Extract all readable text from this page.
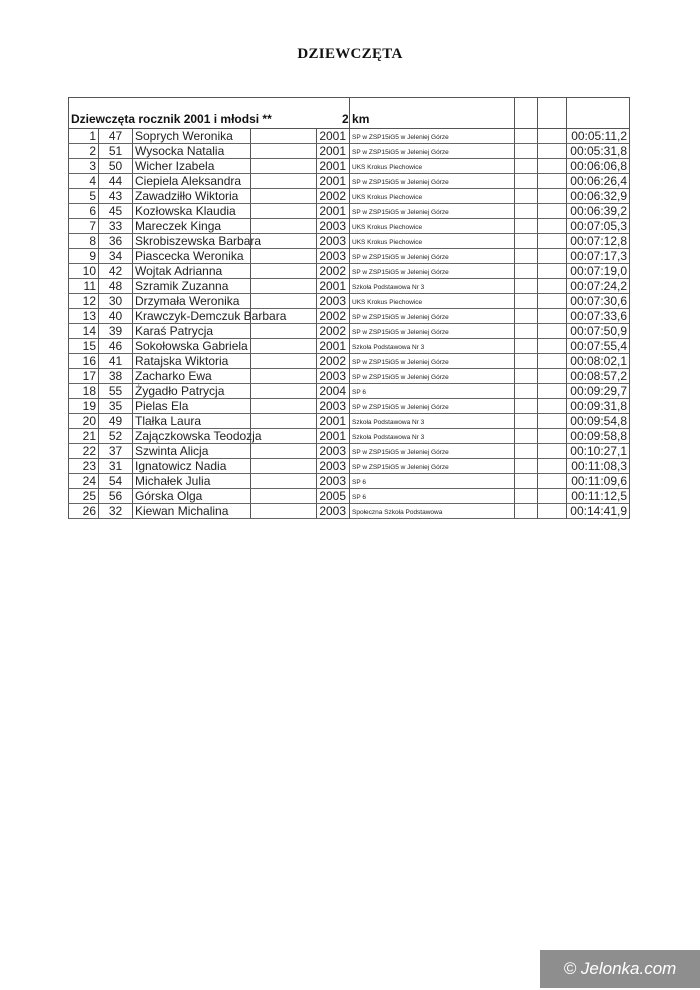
DZIEWCZĘTA
Dziewczęta rocznik 2001 i młodsi **					2 km			
1	47	Soprych Weronika		2001	SP w ZSP15iG5 w Jeleniej Górze			00:05:11,2
2	51	Wysocka Natalia		2001	SP w ZSP15iG5 w Jeleniej Górze			00:05:31,8
3	50	Wicher Izabela		2001	UKS Krokus Piechowice			00:06:06,8
4	44	Ciepiela Aleksandra		2001	SP w ZSP15iG5 w Jeleniej Górze			00:06:26,4
5	43	Zawadziłło Wiktoria		2002	UKS Krokus Piechowice			00:06:32,9
6	45	Kozłowska Klaudia		2001	SP w ZSP15iG5 w Jeleniej Górze			00:06:39,2
7	33	Mareczek Kinga		2003	UKS Krokus Piechowice			00:07:05,3
8	36	Skrobiszewska Barbara		2003	UKS Krokus Piechowice			00:07:12,8
9	34	Piascecka Weronika		2003	SP w ZSP15iG5 w Jeleniej Górze			00:07:17,3
10	42	Wojtak Adrianna		2002	SP w ZSP15iG5 w Jeleniej Górze			00:07:19,0
11	48	Szramik Zuzanna		2001	Szkoła Podstawowa Nr 3			00:07:24,2
12	30	Drzymała Weronika		2003	UKS Krokus Piechowice			00:07:30,6
13	40	Krawczyk-Demczuk Barbara		2002	SP w ZSP15iG5 w Jeleniej Górze			00:07:33,6
14	39	Karaś Patrycja		2002	SP w ZSP15iG5 w Jeleniej Górze			00:07:50,9
15	46	Sokołowska Gabriela		2001	Szkoła Podstawowa Nr 3			00:07:55,4
16	41	Ratajska Wiktoria		2002	SP w ZSP15iG5 w Jeleniej Górze			00:08:02,1
17	38	Zacharko Ewa		2003	SP w ZSP15iG5 w Jeleniej Górze			00:08:57,2
18	55	Żygadło Patrycja		2004	SP 6			00:09:29,7
19	35	Pielas Ela		2003	SP w ZSP15iG5 w Jeleniej Górze			00:09:31,8
20	49	Tlałka Laura		2001	Szkoła Podstawowa Nr 3			00:09:54,8
21	52	Zajączkowska Teodozja		2001	Szkoła Podstawowa Nr 3			00:09:58,8
22	37	Szwinta Alicja		2003	SP w ZSP15iG5 w Jeleniej Górze			00:10:27,1
23	31	Ignatowicz Nadia		2003	SP w ZSP15iG5 w Jeleniej Górze			00:11:08,3
24	54	Michałek Julia		2003	SP 6			00:11:09,6
25	56	Górska Olga		2005	SP 6			00:11:12,5
26	32	Kiewan Michalina		2003	Społeczna Szkoła Podstawowa			00:14:41,9
© Jelonka.com
